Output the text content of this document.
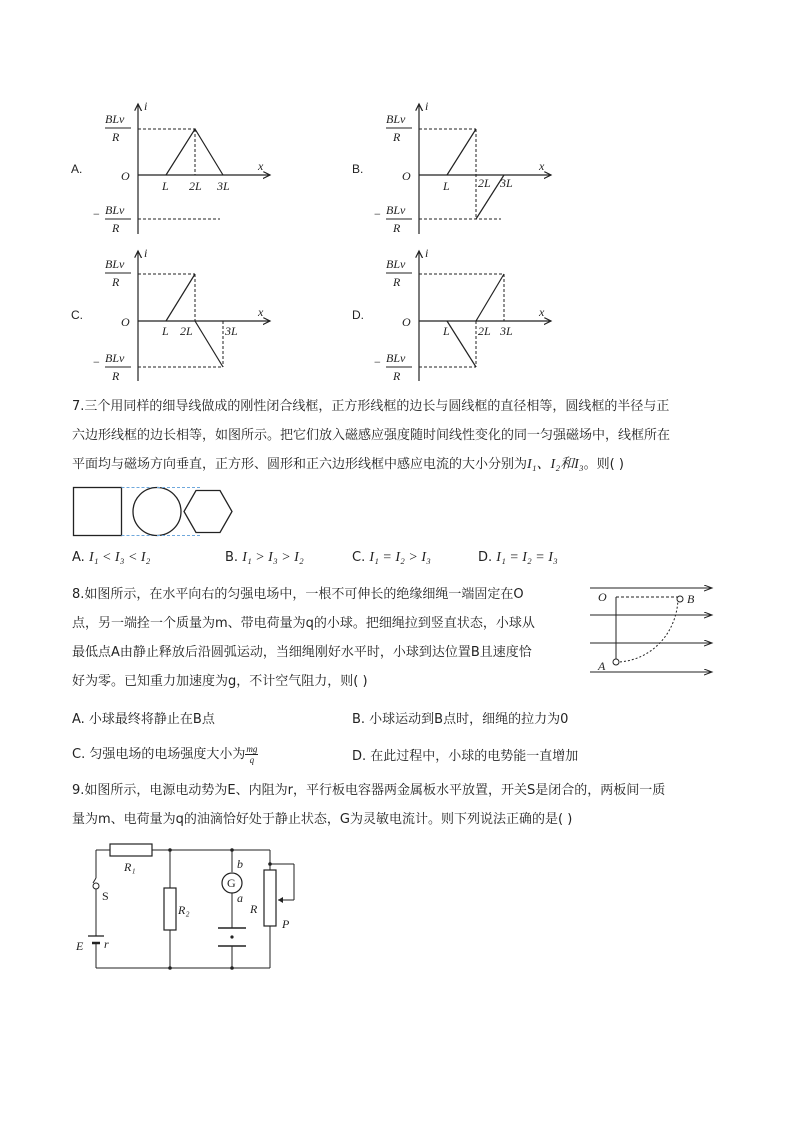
A.	B.
C.	D.
i
x
O
BLv
R
− BLv
R
L 2L 3L
i
x
O
BLv
R
− BLv
R
L 2L 3L
i
x
O
BLv
R
− BLv
R
L 2L	3L
i
x
O
BLv
R
− BLv
R
L 2L 3L
7.三个用同样的细导线做成的刚性闭合线框，正方形线框的边长与圆线框的直径相等，圆线框的半径与正
六边形线框的边长相等，如图所示。把它们放入磁感应强度随时间线性变化的同一匀强磁场中，线框所在
平面均与磁场方向垂直，正方形、圆形和正六边形线框中感应电流的大小分别为I₁、I₂和I₃。则( )
A. I₁ < I₃ < I₂	B. I₁ > I₃ > I₂	C. I₁ = I₂ > I₃	D. I₁ = I₂ = I₃
8.如图所示，在水平向右的匀强电场中，一根不可伸长的绝缘细绳一端固定在O
点，另一端拴一个质量为m、带电荷量为q的小球。把细绳拉到竖直状态，小球从
最低点A由静止释放后沿圆弧运动，当细绳刚好水平时，小球到达位置B且速度恰
好为零。已知重力加速度为g，不计空气阻力，则( )
O
A
B
A. 小球最终将静止在B点	B. 小球运动到B点时，细绳的拉力为0
C. 匀强电场的电场强度大小为 $\frac{mg}{q}$	D. 在此过程中，小球的电势能一直增加
9.如图所示，电源电动势为E、内阻为r，平行板电容器两金属板水平放置，开关S是闭合的，两板间一质
量为m、电荷量为q的油滴恰好处于静止状态，G为灵敏电流计。则下列说法正确的是( )
R₁
R₂	R
P
S
E r
G
a
b
